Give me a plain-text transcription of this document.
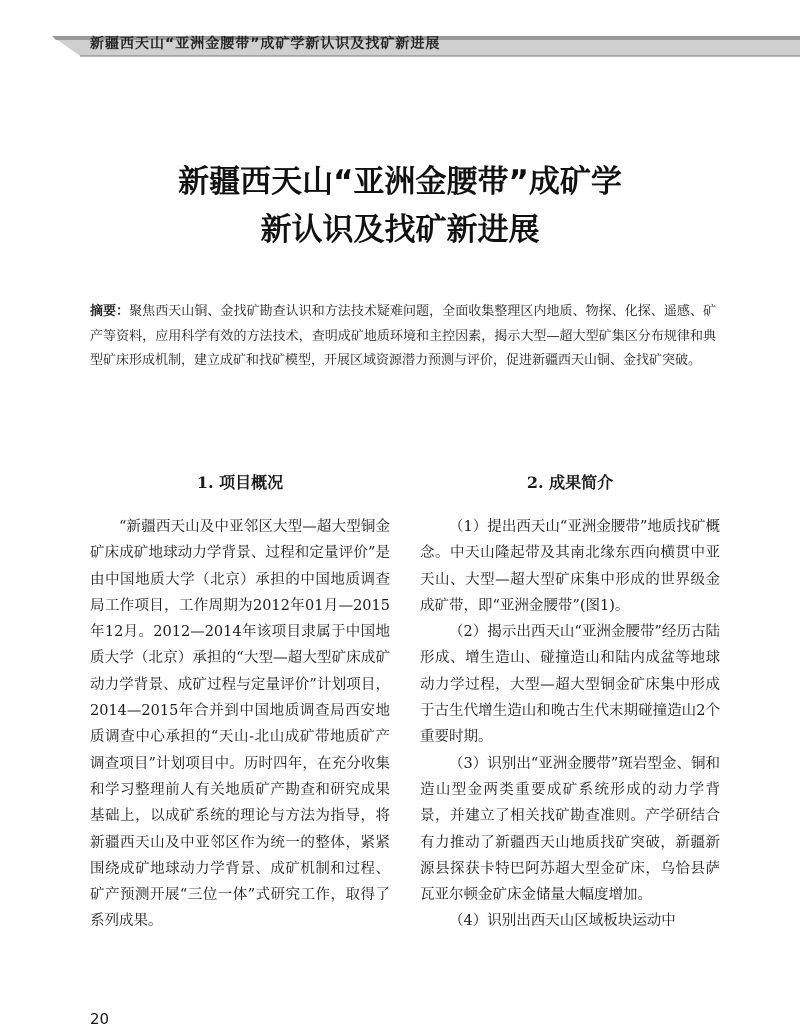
新疆西天山“亚洲金腰带”成矿学新认识及找矿新进展
新疆西天山“亚洲金腰带”成矿学
新认识及找矿新进展
摘要：聚焦西天山铜、金找矿勘查认识和方法技术疑难问题，全面收集整理区内地质、物探、化探、遥感、矿产等资料，应用科学有效的方法技术，查明成矿地质环境和主控因素，揭示大型—超大型矿集区分布规律和典型矿床形成机制，建立成矿和找矿模型，开展区域资源潜力预测与评价，促进新疆西天山铜、金找矿突破。
1. 项目概况

“新疆西天山及中亚邻区大型—超大型铜金矿床成矿地球动力学背景、过程和定量评价”是由中国地质大学（北京）承担的中国地质调查局工作项目，工作周期为2012年01月—2015年12月。2012—2014年该项目隶属于中国地质大学（北京）承担的“大型—超大型矿床成矿动力学背景、成矿过程与定量评价”计划项目，2014—2015年合并到中国地质调查局西安地质调查中心承担的“天山-北山成矿带地质矿产调查项目”计划项目中。历时四年，在充分收集和学习整理前人有关地质矿产勘查和研究成果基础上，以成矿系统的理论与方法为指导，将新疆西天山及中亚邻区作为统一的整体，紧紧围绕成矿地球动力学背景、成矿机制和过程、矿产预测开展“三位一体”式研究工作，取得了系列成果。

2. 成果简介

（1）提出西天山“亚洲金腰带”地质找矿概念。中天山隆起带及其南北缘东西向横贯中亚天山、大型—超大型矿床集中形成的世界级金成矿带，即“亚洲金腰带”(图1)。

（2）揭示出西天山“亚洲金腰带”经历古陆形成、增生造山、碰撞造山和陆内成盆等地球动力学过程，大型—超大型铜金矿床集中形成于古生代增生造山和晚古生代末期碰撞造山2个重要时期。

（3）识别出“亚洲金腰带”斑岩型金、铜和造山型金两类重要成矿系统形成的动力学背景，并建立了相关找矿勘查准则。产学研结合有力推动了新疆西天山地质找矿突破，新疆新源县探获卡特巴阿苏超大型金矿床，乌恰县萨瓦亚尔顿金矿床金储量大幅度增加。

（4）识别出西天山区域板块运动中

20
